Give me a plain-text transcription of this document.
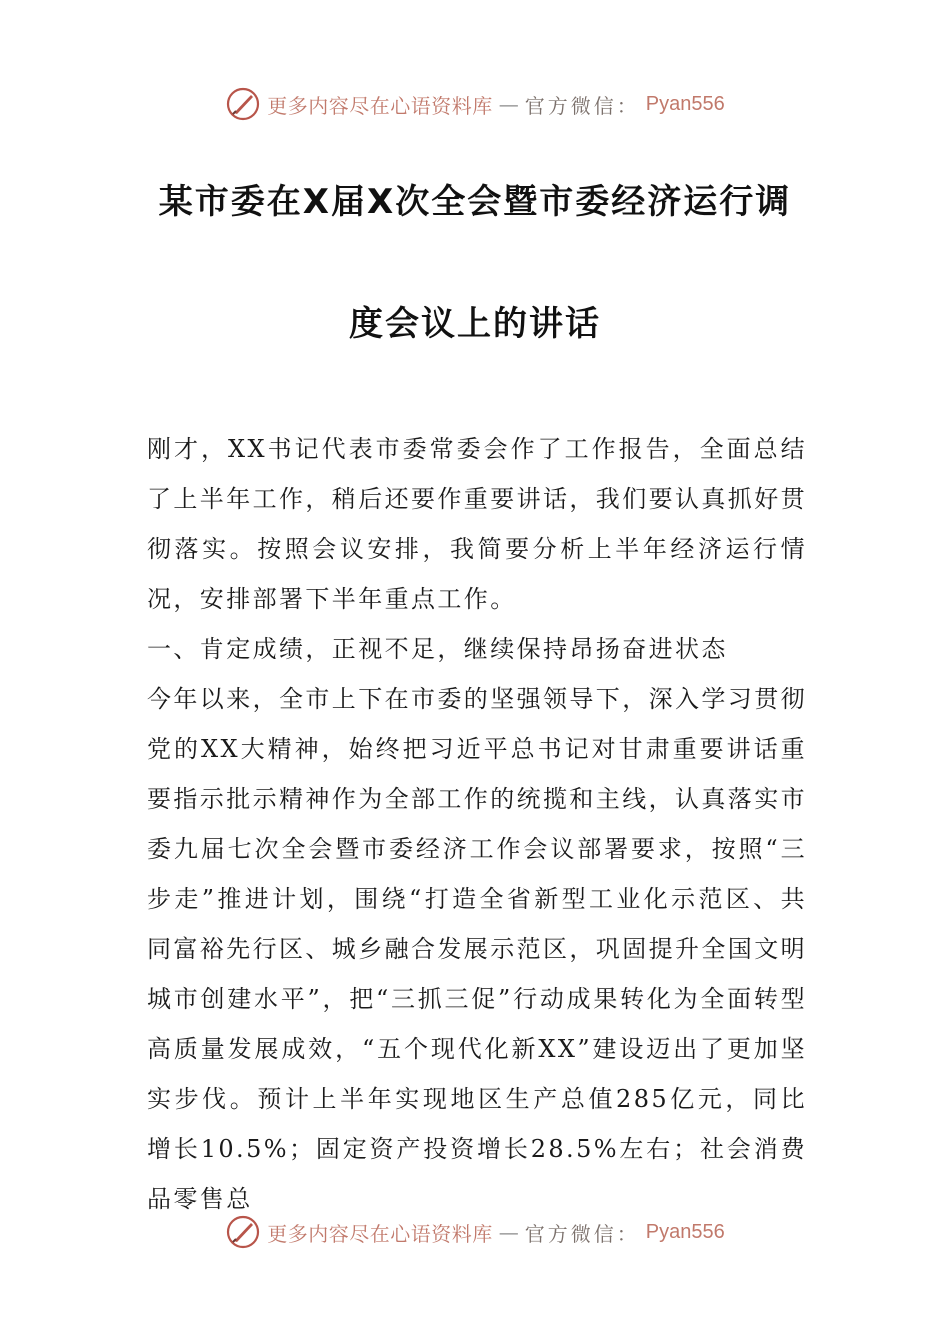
更多内容尽在心语资料库 — 官方微信： Pyan556
某市委在X届X次全会暨市委经济运行调
度会议上的讲话

刚才，XX书记代表市委常委会作了工作报告，全面总结了上半年工作，稍后还要作重要讲话，我们要认真抓好贯彻落实。按照会议安排，我简要分析上半年经济运行情况，安排部署下半年重点工作。

一、肯定成绩，正视不足，继续保持昂扬奋进状态

今年以来，全市上下在市委的坚强领导下，深入学习贯彻党的XX大精神，始终把习近平总书记对甘肃重要讲话重要指示批示精神作为全部工作的统揽和主线，认真落实市委九届七次全会暨市委经济工作会议部署要求，按照“三步走”推进计划，围绕“打造全省新型工业化示范区、共同富裕先行区、城乡融合发展示范区，巩固提升全国文明城市创建水平”，把“三抓三促”行动成果转化为全面转型高质量发展成效，“五个现代化新XX”建设迈出了更加坚实步伐。预计上半年实现地区生产总值285亿元，同比增长10.5%；固定资产投资增长28.5%左右；社会消费品零售总

更多内容尽在心语资料库 — 官方微信： Pyan556
